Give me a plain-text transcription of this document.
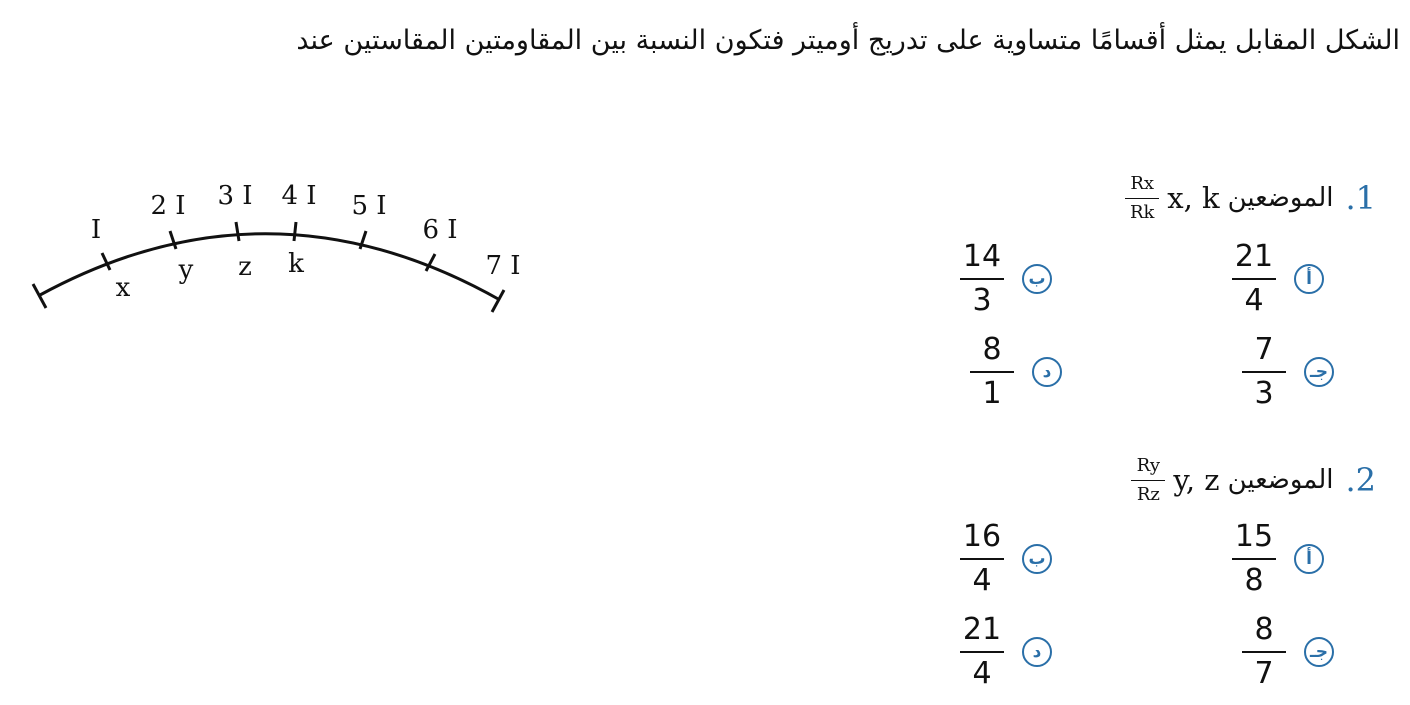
الشكل المقابل يمثل أقسامًا متساوية على تدريج أوميتر فتكون النسبة بين المقاومتين المقاستين عند
I
2 I 3 I 4 I 5 I
6 I
7 I
x
y z k
$\frac{Rx}{Rk} x$, k الموضعين .1
21
4
أ
14
3
ب
7
3
جـ
8
1
د
$\frac{Ry}{Rz} y$, z الموضعين .2
15
8
أ
16
4
ب
8
7
جـ
21
4
د
